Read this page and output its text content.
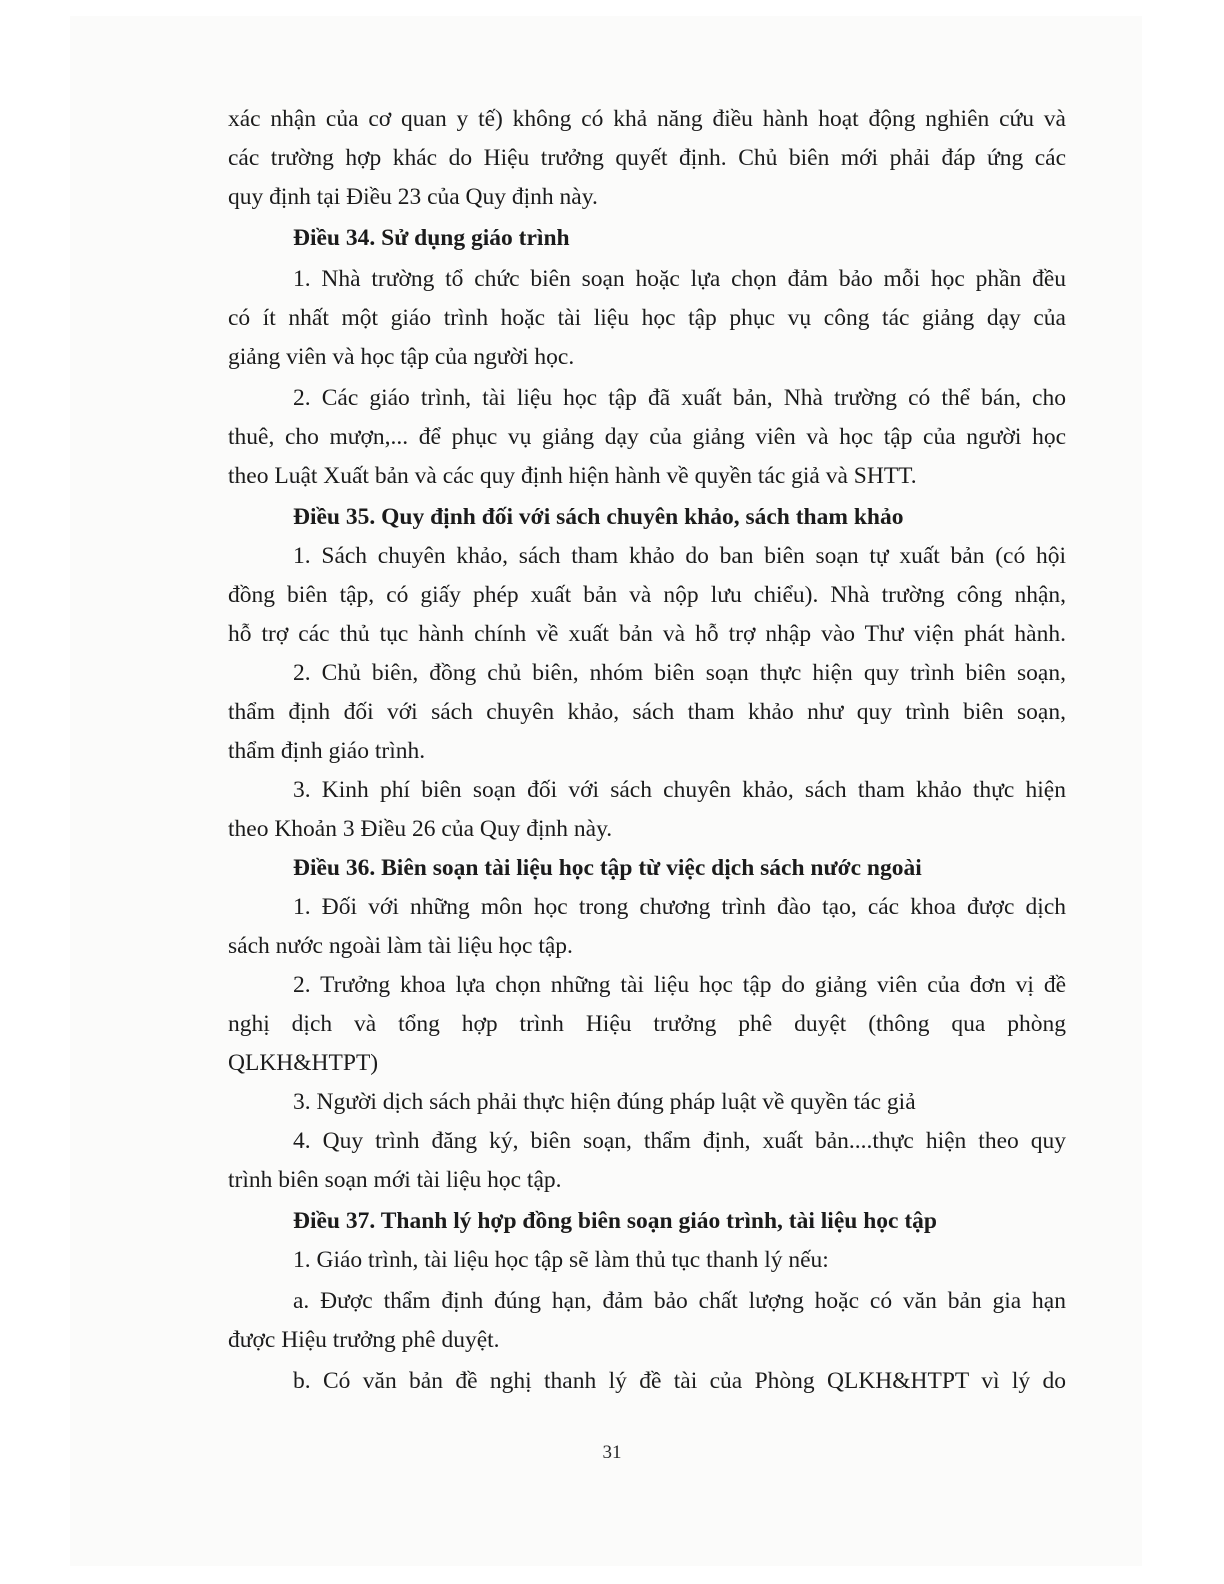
xác nhận của cơ quan y tế) không có khả năng điều hành hoạt động nghiên cứu và
các trường hợp khác do Hiệu trưởng quyết định. Chủ biên mới phải đáp ứng các
quy định tại Điều 23 của Quy định này.
Điều 34. Sử dụng giáo trình
1. Nhà trường tổ chức biên soạn hoặc lựa chọn đảm bảo mỗi học phần đều
có ít nhất một giáo trình hoặc tài liệu học tập phục vụ công tác giảng dạy của
giảng viên và học tập của người học.
2. Các giáo trình, tài liệu học tập đã xuất bản, Nhà trường có thể bán, cho
thuê, cho mượn,... để phục vụ giảng dạy của giảng viên và học tập của người học
theo Luật Xuất bản và các quy định hiện hành về quyền tác giả và SHTT.
Điều 35. Quy định đối với sách chuyên khảo, sách tham khảo
1. Sách chuyên khảo, sách tham khảo do ban biên soạn tự xuất bản (có hội
đồng biên tập, có giấy phép xuất bản và nộp lưu chiểu). Nhà trường công nhận,
hỗ trợ các thủ tục hành chính về xuất bản và hỗ trợ nhập vào Thư viện phát hành.
2. Chủ biên, đồng chủ biên, nhóm biên soạn thực hiện quy trình biên soạn,
thẩm định đối với sách chuyên khảo, sách tham khảo như quy trình biên soạn,
thẩm định giáo trình.
3. Kinh phí biên soạn đối với sách chuyên khảo, sách tham khảo thực hiện
theo Khoản 3 Điều 26 của Quy định này.
Điều 36. Biên soạn tài liệu học tập từ việc dịch sách nước ngoài
1. Đối với những môn học trong chương trình đào tạo, các khoa được dịch
sách nước ngoài làm tài liệu học tập.
2. Trưởng khoa lựa chọn những tài liệu học tập do giảng viên của đơn vị đề
nghị dịch và tổng hợp trình Hiệu trưởng phê duyệt (thông qua phòng
QLKH&HTPT)
3. Người dịch sách phải thực hiện đúng pháp luật về quyền tác giả
4. Quy trình đăng ký, biên soạn, thẩm định, xuất bản....thực hiện theo quy
trình biên soạn mới tài liệu học tập.
Điều 37. Thanh lý hợp đồng biên soạn giáo trình, tài liệu học tập
1. Giáo trình, tài liệu học tập sẽ làm thủ tục thanh lý nếu:
a. Được thẩm định đúng hạn, đảm bảo chất lượng hoặc có văn bản gia hạn
được Hiệu trưởng phê duyệt.
b. Có văn bản đề nghị thanh lý đề tài của Phòng QLKH&HTPT vì lý do
31
